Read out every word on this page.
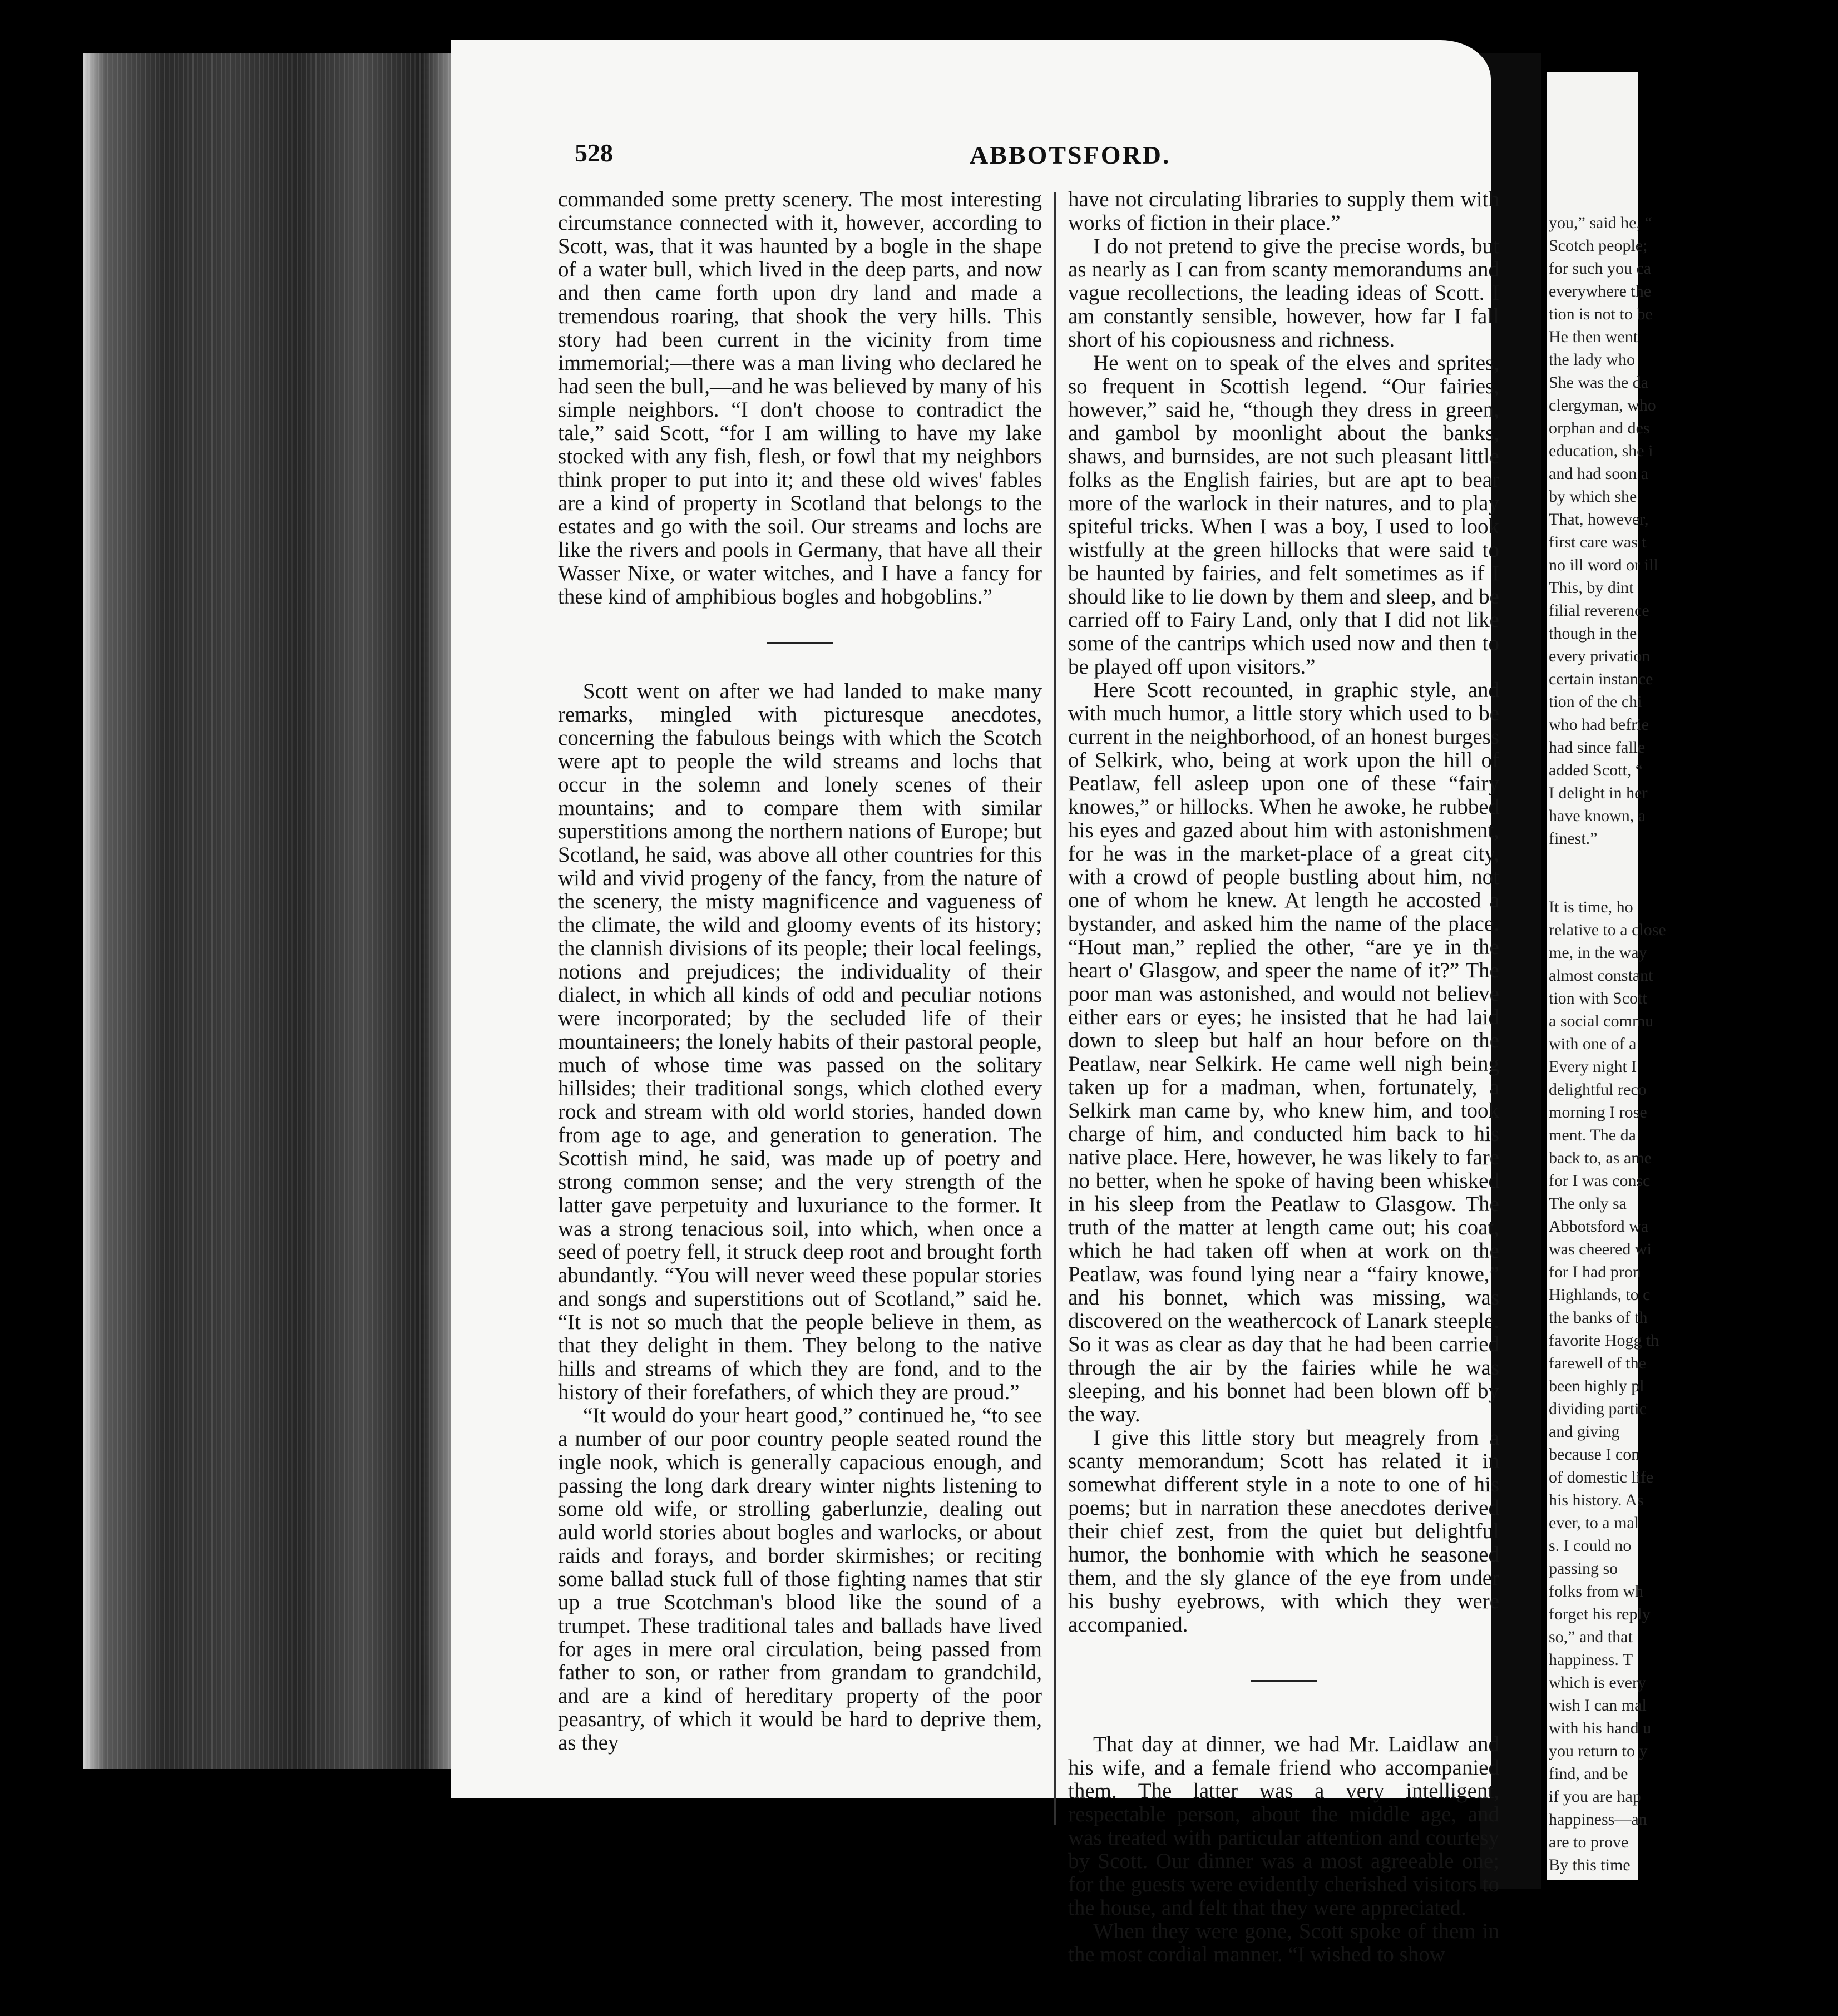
528	ABBOTSFORD.

commanded some pretty scenery. The most interesting circumstance connected with it, however, according to Scott, was, that it was haunted by a bogle in the shape of a water bull, which lived in the deep parts, and now and then came forth upon dry land and made a tremendous roaring, that shook the very hills. This story had been current in the vicinity from time immemorial;—there was a man living who declared he had seen the bull,—and he was believed by many of his simple neighbors. “I don't choose to contradict the tale,” said Scott, “for I am willing to have my lake stocked with any fish, flesh, or fowl that my neighbors think proper to put into it; and these old wives' fables are a kind of property in Scotland that belongs to the estates and go with the soil. Our streams and lochs are like the rivers and pools in Germany, that have all their Wasser Nixe, or water witches, and I have a fancy for these kind of amphibious bogles and hobgoblins.”

Scott went on after we had landed to make many remarks, mingled with picturesque anecdotes, concerning the fabulous beings with which the Scotch were apt to people the wild streams and lochs that occur in the solemn and lonely scenes of their mountains; and to compare them with similar superstitions among the northern nations of Europe; but Scotland, he said, was above all other countries for this wild and vivid progeny of the fancy, from the nature of the scenery, the misty magnificence and vagueness of the climate, the wild and gloomy events of its history; the clannish divisions of its people; their local feelings, notions and prejudices; the individuality of their dialect, in which all kinds of odd and peculiar notions were incorporated; by the secluded life of their mountaineers; the lonely habits of their pastoral people, much of whose time was passed on the solitary hillsides; their traditional songs, which clothed every rock and stream with old world stories, handed down from age to age, and generation to generation. The Scottish mind, he said, was made up of poetry and strong common sense; and the very strength of the latter gave perpetuity and luxuriance to the former. It was a strong tenacious soil, into which, when once a seed of poetry fell, it struck deep root and brought forth abundantly. “You will never weed these popular stories and songs and superstitions out of Scotland,” said he. “It is not so much that the people believe in them, as that they delight in them. They belong to the native hills and streams of which they are fond, and to the history of their forefathers, of which they are proud.”

“It would do your heart good,” continued he, “to see a number of our poor country people seated round the ingle nook, which is generally capacious enough, and passing the long dark dreary winter nights listening to some old wife, or strolling gaberlunzie, dealing out auld world stories about bogles and warlocks, or about raids and forays, and border skirmishes; or reciting some ballad stuck full of those fighting names that stir up a true Scotchman's blood like the sound of a trumpet. These traditional tales and ballads have lived for ages in mere oral circulation, being passed from father to son, or rather from grandam to grandchild, and are a kind of hereditary property of the poor peasantry, of which it would be hard to deprive them, as they

have not circulating libraries to supply them with works of fiction in their place.”

I do not pretend to give the precise words, but as nearly as I can from scanty memorandums and vague recollections, the leading ideas of Scott. I am constantly sensible, however, how far I fall short of his copiousness and richness.

He went on to speak of the elves and sprites, so frequent in Scottish legend. “Our fairies, however,” said he, “though they dress in green, and gambol by moonlight about the banks, shaws, and burnsides, are not such pleasant little folks as the English fairies, but are apt to bear more of the warlock in their natures, and to play spiteful tricks. When I was a boy, I used to look wistfully at the green hillocks that were said to be haunted by fairies, and felt sometimes as if I should like to lie down by them and sleep, and be carried off to Fairy Land, only that I did not like some of the cantrips which used now and then to be played off upon visitors.”

Here Scott recounted, in graphic style, and with much humor, a little story which used to be current in the neighborhood, of an honest burgess of Selkirk, who, being at work upon the hill of Peatlaw, fell asleep upon one of these “fairy knowes,” or hillocks. When he awoke, he rubbed his eyes and gazed about him with astonishment, for he was in the market-place of a great city, with a crowd of people bustling about him, not one of whom he knew. At length he accosted a bystander, and asked him the name of the place. “Hout man,” replied the other, “are ye in the heart o' Glasgow, and speer the name of it?” The poor man was astonished, and would not believe either ears or eyes; he insisted that he had laid down to sleep but half an hour before on the Peatlaw, near Selkirk. He came well nigh being taken up for a madman, when, fortunately, a Selkirk man came by, who knew him, and took charge of him, and conducted him back to his native place. Here, however, he was likely to fare no better, when he spoke of having been whisked in his sleep from the Peatlaw to Glasgow. The truth of the matter at length came out; his coat, which he had taken off when at work on the Peatlaw, was found lying near a “fairy knowe,” and his bonnet, which was missing, was discovered on the weathercock of Lanark steeple. So it was as clear as day that he had been carried through the air by the fairies while he was sleeping, and his bonnet had been blown off by the way.

I give this little story but meagrely from a scanty memorandum; Scott has related it in somewhat different style in a note to one of his poems; but in narration these anecdotes derived their chief zest, from the quiet but delightful humor, the bonhomie with which he seasoned them, and the sly glance of the eye from under his bushy eyebrows, with which they were accompanied.

That day at dinner, we had Mr. Laidlaw and his wife, and a female friend who accompanied them. The latter was a very intelligent, respectable person, about the middle age, and was treated with particular attention and courtesy by Scott. Our dinner was a most agreeable one; for the guests were evidently cherished visitors to the house, and felt that they were appreciated.

When they were gone, Scott spoke of them in the most cordial manner. “I wished to show

you,” said he, “

Scotch people;

for such you ca

everywhere the

tion is not to be

He then went

the lady who

She was the da

clergyman, who

orphan and des

education, she i

and had soon a

by which she

That, however,

first care was t

no ill word or ill

This, by dint

filial reverence

though in the

every privation

certain instance

tion of the chi

who had befrie

had since falle

added Scott, “

I delight in her

have known, a

finest.”

It is time, ho

relative to a close

me, in the way

almost constant

tion with Scott

a social commu

with one of a

Every night I

delightful reco

morning I rose

ment. The da

back to, as ame

for I was consc

The only sa

Abbotsford wa

was cheered wi

for I had pron

Highlands, to c

the banks of th

favorite Hogg th

farewell of the

been highly pl

dividing partic

and giving

because I con

of domestic life

his history. As

ever, to a mal

s. I could no

passing so

folks from wh

forget his reply

so,” and that

happiness. T

which is every

wish I can mal

with his hand u

you return to y

find, and be

if you are hap

happiness—an

are to prove

By this time
